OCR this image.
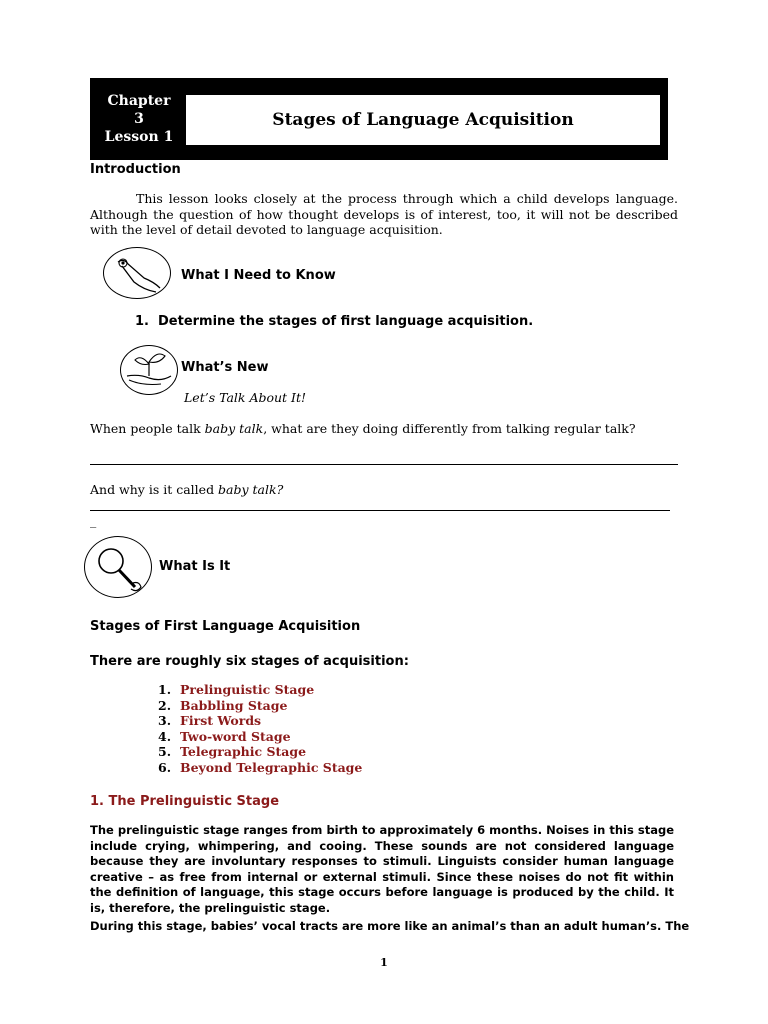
Chapter
3
Lesson 1
Stages of Language Acquisition
Introduction
This lesson looks closely at the process through which a child develops language. Although the question of how thought develops is of interest, too, it will not be described with the level of detail devoted to language acquisition.
What I Need to Know
1. Determine the stages of first language acquisition.
What’s New
Let’s Talk About It!
When people talk baby talk, what are they doing differently from talking regular talk?
And why is it called baby talk?
_
What Is It
Stages of First Language Acquisition
There are roughly six stages of acquisition:
1. Prelinguistic Stage
2. Babbling Stage
3. First Words
4. Two-word Stage
5. Telegraphic Stage
6. Beyond Telegraphic Stage
1. The Prelinguistic Stage
The prelinguistic stage ranges from birth to approximately 6 months. Noises in this stage include crying, whimpering, and cooing. These sounds are not considered language because they are involuntary responses to stimuli. Linguists consider human language creative – as free from internal or external stimuli. Since these noises do not fit within the definition of language, this stage occurs before language is produced by the child. It is, therefore, the prelinguistic stage.
During this stage, babies’ vocal tracts are more like an animal’s than an adult human’s. The
1
